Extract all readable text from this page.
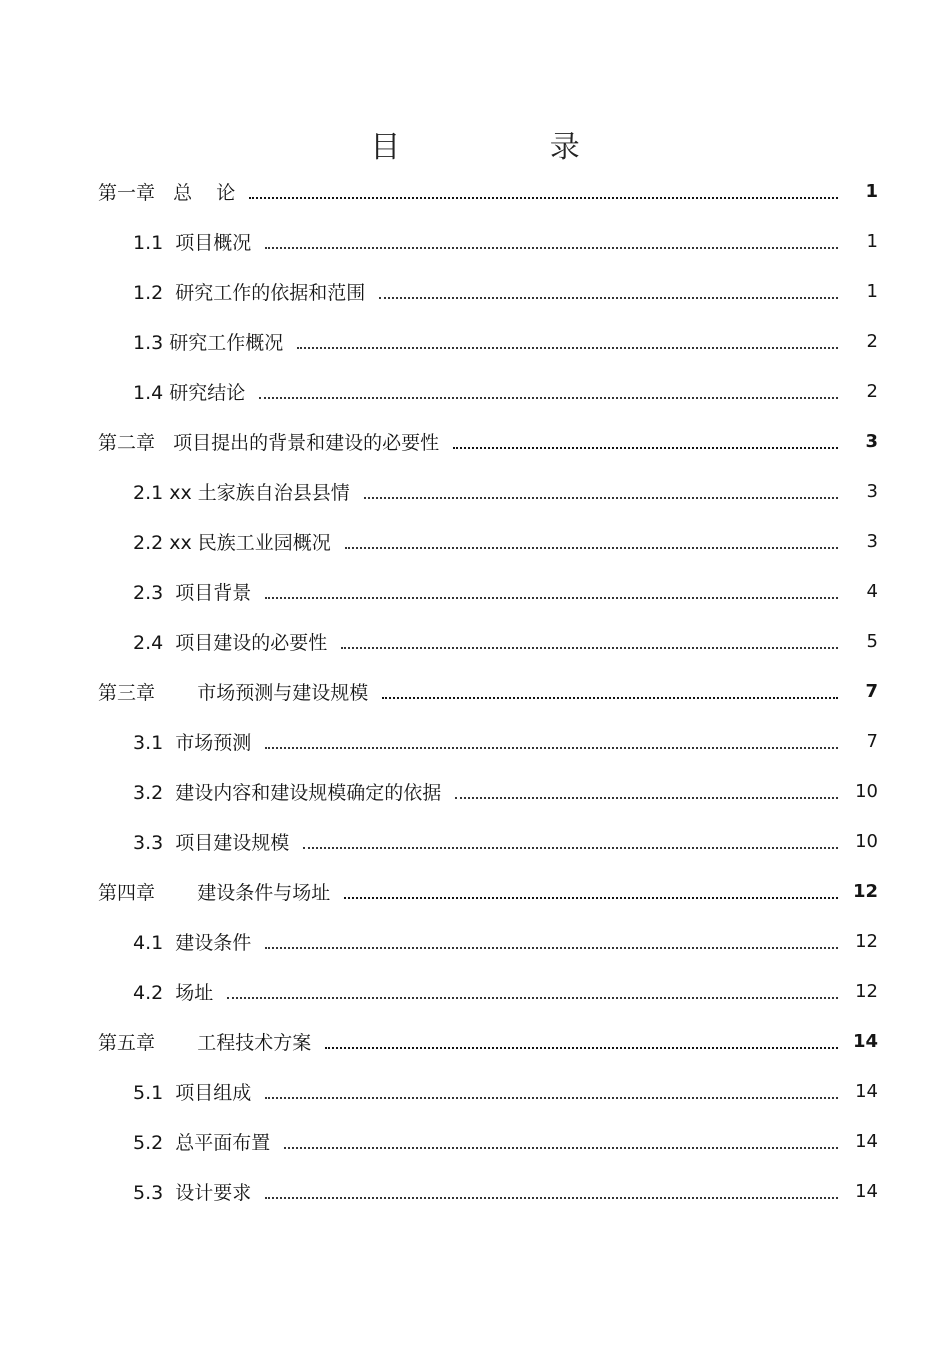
目 录
第一章   总    论	1
1.1  项目概况	1
1.2  研究工作的依据和范围	1
1.3 研究工作概况	2
1.4 研究结论	2
第二章   项目提出的背景和建设的必要性	3
2.1 xx 土家族自治县县情	3
2.2 xx 民族工业园概况	3
2.3  项目背景	4
2.4  项目建设的必要性	5
第三章       市场预测与建设规模	7
3.1  市场预测	7
3.2  建设内容和建设规模确定的依据	10
3.3  项目建设规模	10
第四章       建设条件与场址	12
4.1  建设条件	12
4.2  场址	12
第五章       工程技术方案	14
5.1  项目组成	14
5.2  总平面布置	14
5.3  设计要求	14
